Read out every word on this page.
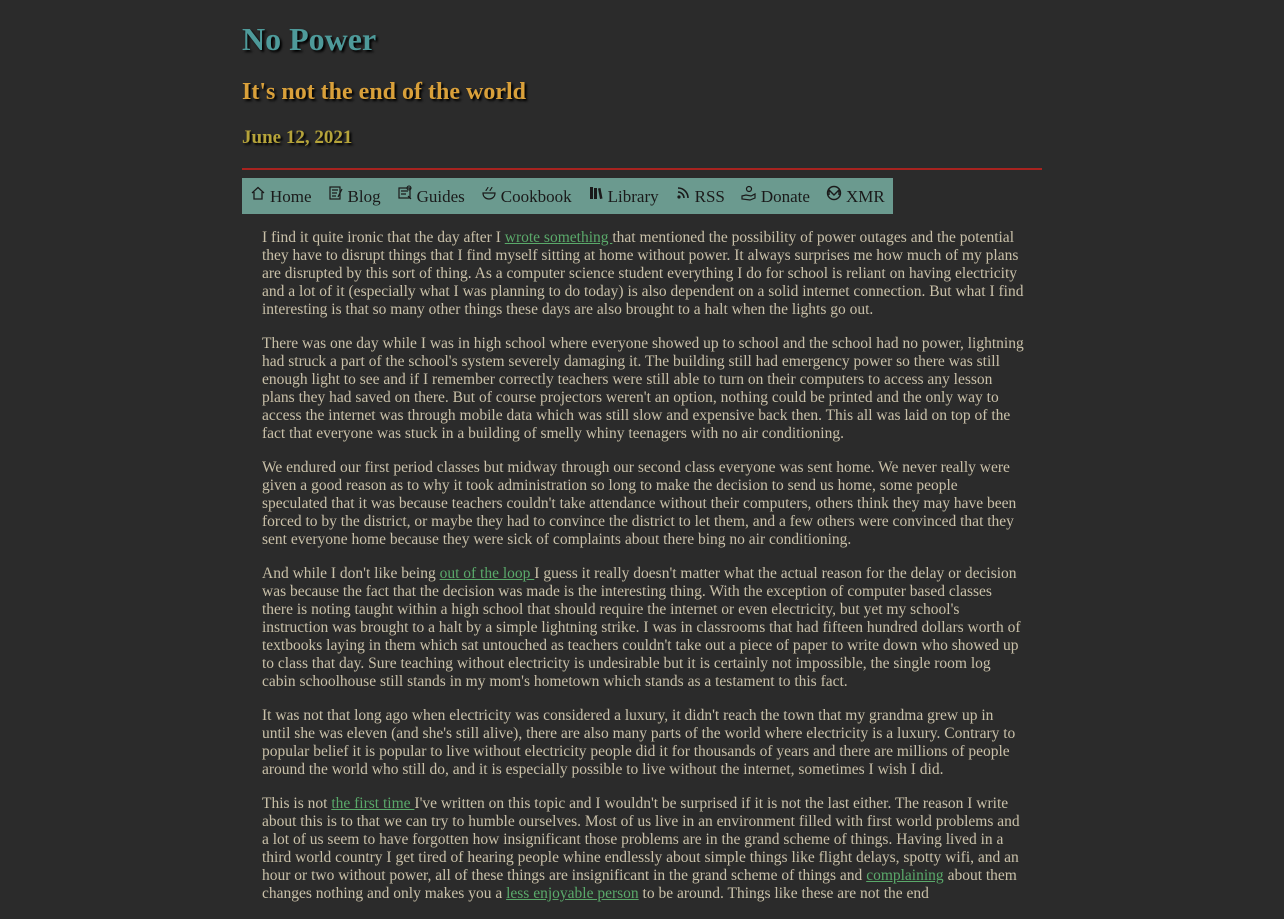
No Power
It's not the end of the world
June 12, 2021
Home Blog Guides Cookbook Library RSS Donate XMR

I find it quite ironic that the day after I wrote something that mentioned the possibility of power outages and the potential they have to disrupt things that I find myself sitting at home without power. It always surprises me how much of my plans are disrupted by this sort of thing. As a computer science student everything I do for school is reliant on having electricity and a lot of it (especially what I was planning to do today) is also dependent on a solid internet connection. But what I find interesting is that so many other things these days are also brought to a halt when the lights go out.

There was one day while I was in high school where everyone showed up to school and the school had no power, lightning had struck a part of the school's system severely damaging it. The building still had emergency power so there was still enough light to see and if I remember correctly teachers were still able to turn on their computers to access any lesson plans they had saved on there. But of course projectors weren't an option, nothing could be printed and the only way to access the internet was through mobile data which was still slow and expensive back then. This all was laid on top of the fact that everyone was stuck in a building of smelly whiny teenagers with no air conditioning.

We endured our first period classes but midway through our second class everyone was sent home. We never really were given a good reason as to why it took administration so long to make the decision to send us home, some people speculated that it was because teachers couldn't take attendance without their computers, others think they may have been forced to by the district, or maybe they had to convince the district to let them, and a few others were convinced that they sent everyone home because they were sick of complaints about there bing no air conditioning.

And while I don't like being out of the loop I guess it really doesn't matter what the actual reason for the delay or decision was because the fact that the decision was made is the interesting thing. With the exception of computer based classes there is noting taught within a high school that should require the internet or even electricity, but yet my school's instruction was brought to a halt by a simple lightning strike. I was in classrooms that had fifteen hundred dollars worth of textbooks laying in them which sat untouched as teachers couldn't take out a piece of paper to write down who showed up to class that day. Sure teaching without electricity is undesirable but it is certainly not impossible, the single room log cabin schoolhouse still stands in my mom's hometown which stands as a testament to this fact.

It was not that long ago when electricity was considered a luxury, it didn't reach the town that my grandma grew up in until she was eleven (and she's still alive), there are also many parts of the world where electricity is a luxury. Contrary to popular belief it is popular to live without electricity people did it for thousands of years and there are millions of people around the world who still do, and it is especially possible to live without the internet, sometimes I wish I did.

This is not the first time I've written on this topic and I wouldn't be surprised if it is not the last either. The reason I write about this is to that we can try to humble ourselves. Most of us live in an environment filled with first world problems and a lot of us seem to have forgotten how insignificant those problems are in the grand scheme of things. Having lived in a third world country I get tired of hearing people whine endlessly about simple things like flight delays, spotty wifi, and an hour or two without power, all of these things are insignificant in the grand scheme of things and complaining about them changes nothing and only makes you a less enjoyable person to be around. Things like these are not the end
